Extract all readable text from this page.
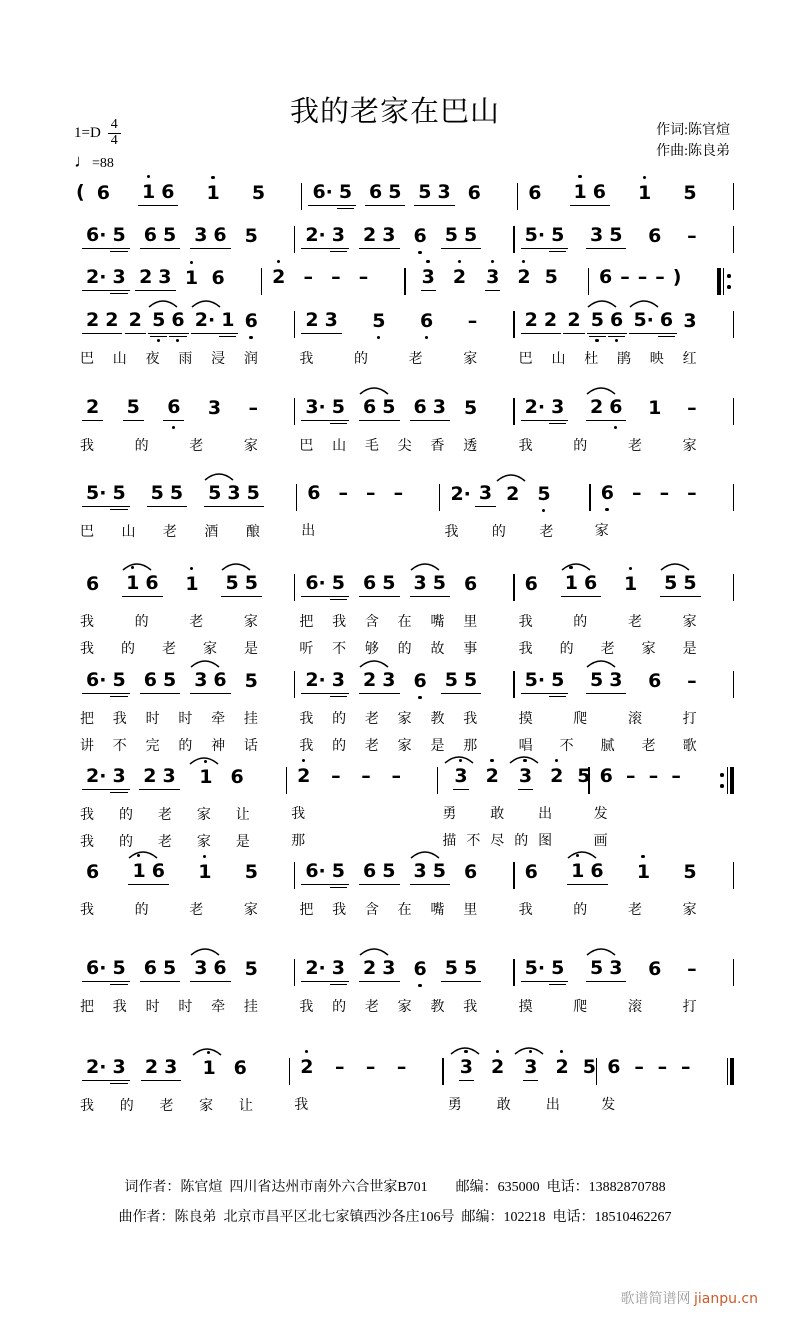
我的老家在巴山
$1=D \frac{4}{4}$
♩=88
作词:陈官煊
作曲:陈良弟
( 6 1 6 1 5 6· 5 6 5 5 3 6 6 1 6 1 5
6· 5 6 5 3 6 5 2· 3 2 3 6 5 5 5· 5 3 5 6 –
2· 3 2 3 1 6 2 – – –	3 2 3 2 5 6 – – – )
2 2 2 5 6 2· 1 6
巴 山 夜 雨 浸 润
2 3 5 6 –
我	的	老	家
2 2 2 5 6 5· 6 3
巴 山 杜 鹃 映 红
2 5 6 3 –
我	的	老	家
3· 5 6 5 6 3 5
巴 山 毛 尖 香 透
2· 3 2 6 1 –
我	的	老	家
5· 5 5 5 5 3 5
巴 山 老 酒 酿
6 – – –
出
2· 3 2 5
我 的 老
6 – – –
家
6 1 6 1 5 5
我	的	老	家
我 的 老 家 是
6· 5 6 5 3 5 6
把 我 含 在 嘴 里
听 不 够 的 故 事
6 1 6 1 5 5
我	的	老	家
我 的 老 家 是
6· 5 6 5 3 6 5
把 我 时 时 牵 挂
讲 不 完 的 神 话
2· 3 2 3 6 5 5
我 的 老 家 教 我
我 的 老 家 是 那
5· 5 5 3 6 –
摸	爬	滚	打
唱 不 腻 老 歌
2· 3 2 3 1 6
我 的 老 家 让
我 的 老 家 是
2 – – –
我
那
3 2 3 2 5
勇 敢 出
描 不 尽 的 图
6 – – –
发
画
6 1 6 1 5
我	的	老	家
6· 5 6 5 3 5 6
把 我 含 在 嘴 里
6 1 6 1 5
我	的	老	家
6· 5 6 5 3 6 5
把 我 时 时 牵 挂
2· 3 2 3 6 5 5
我 的 老 家 教 我
5· 5 5 3 6 –
摸	爬	滚	打
2· 3 2 3 1 6
我 的 老 家 让
2 – – –
我
3 2 3 2 5
勇	敢	出
6 – – –
发
词作者：陈官煊  四川省达州市南外六合世家B701        邮编：635000  电话：13882870788
曲作者：陈良弟  北京市昌平区北七家镇西沙各庄106号  邮编：102218  电话：18510462267
歌谱简谱网 jianpu.cn
